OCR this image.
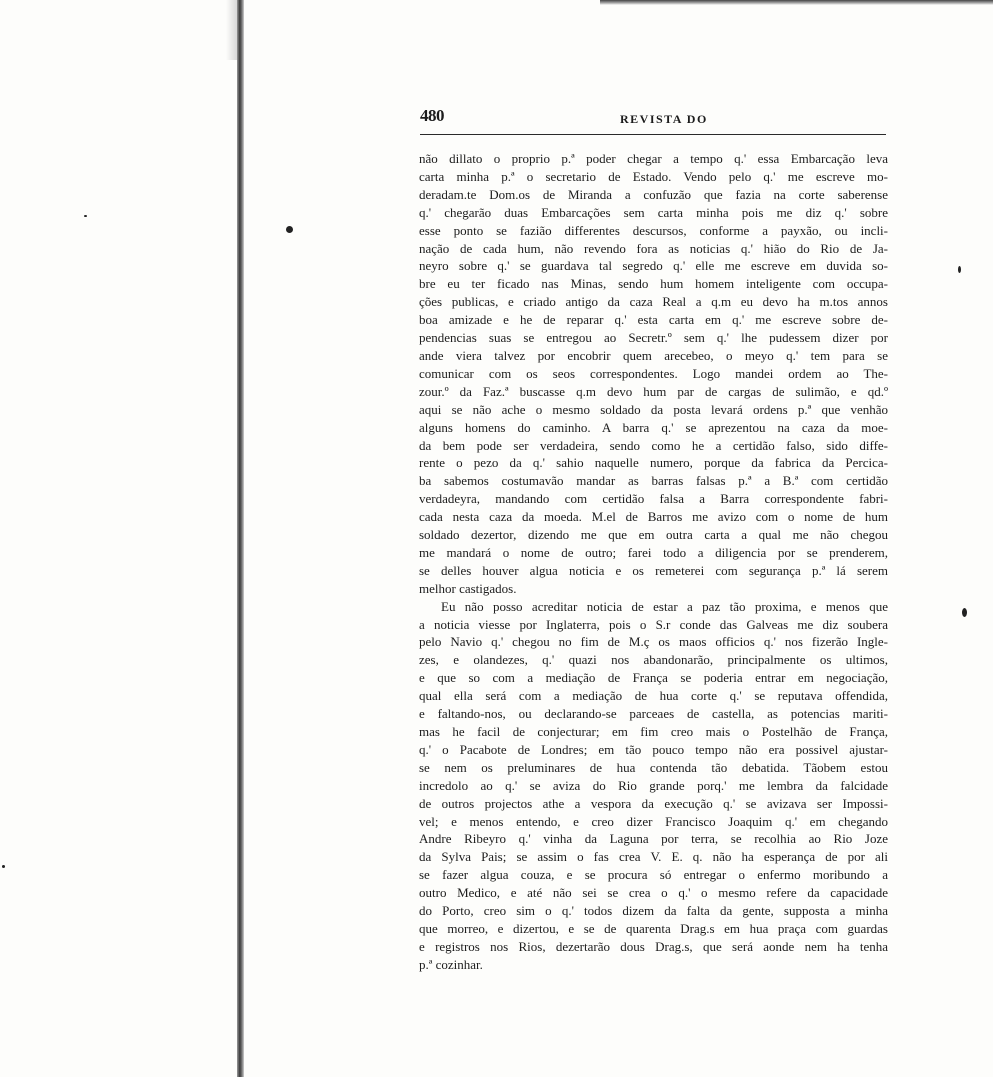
480	REVISTA DO
não dillato o proprio p.ª poder chegar a tempo q.' essa Embarcação leva
carta minha p.ª o secretario de Estado. Vendo pelo q.' me escreve mo-
deradam.te Dom.os de Miranda a confuzão que fazia na corte saberense
q.' chegarão duas Embarcações sem carta minha pois me diz q.' sobre
esse ponto se fazião differentes descursos, conforme a payxão, ou incli-
nação de cada hum, não revendo fora as noticias q.' hião do Rio de Ja-
neyro sobre q.' se guardava tal segredo q.' elle me escreve em duvida so-
bre eu ter ficado nas Minas, sendo hum homem inteligente com occupa-
ções publicas, e criado antigo da caza Real a q.m eu devo ha m.tos annos
boa amizade e he de reparar q.' esta carta em q.' me escreve sobre de-
pendencias suas se entregou ao Secretr.º sem q.' lhe pudessem dizer por
ande viera talvez por encobrir quem arecebeo, o meyo q.' tem para se
comunicar com os seos correspondentes. Logo mandei ordem ao The-
zour.º da Faz.ª buscasse q.m devo hum par de cargas de sulimão, e qd.º
aqui se não ache o mesmo soldado da posta levará ordens p.ª que venhão
alguns homens do caminho. A barra q.' se aprezentou na caza da moe-
da bem pode ser verdadeira, sendo como he a certidão falso, sido diffe-
rente o pezo da q.' sahio naquelle numero, porque da fabrica da Percica-
ba sabemos costumavão mandar as barras falsas p.ª a B.ª com certidão
verdadeyra, mandando com certidão falsa a Barra correspondente fabri-
cada nesta caza da moeda. M.el de Barros me avizo com o nome de hum
soldado dezertor, dizendo me que em outra carta a qual me não chegou
me mandará o nome de outro; farei todo a diligencia por se prenderem,
se delles houver algua noticia e os remeterei com segurança p.ª lá serem
melhor castigados.
Eu não posso acreditar noticia de estar a paz tão proxima, e menos que
a noticia viesse por Inglaterra, pois o S.r conde das Galveas me diz soubera
pelo Navio q.' chegou no fim de M.ç os maos officios q.' nos fizerão Ingle-
zes, e olandezes, q.' quazi nos abandonarão, principalmente os ultimos,
e que so com a mediação de França se poderia entrar em negociação,
qual ella será com a mediação de hua corte q.' se reputava offendida,
e faltando-nos, ou declarando-se parceaes de castella, as potencias mariti-
mas he facil de conjecturar; em fim creo mais o Postelhão de França,
q.' o Pacabote de Londres; em tão pouco tempo não era possivel ajustar-
se nem os preluminares de hua contenda tão debatida. Tãobem estou
incredolo ao q.' se aviza do Rio grande porq.' me lembra da falcidade
de outros projectos athe a vespora da execução q.' se avizava ser Impossi-
vel; e menos entendo, e creo dizer Francisco Joaquim q.' em chegando
Andre Ribeyro q.' vinha da Laguna por terra, se recolhia ao Rio Joze
da Sylva Pais; se assim o fas crea V. E. q. não ha esperança de por ali
se fazer algua couza, e se procura só entregar o enfermo moribundo a
outro Medico, e até não sei se crea o q.' o mesmo refere da capacidade
do Porto, creo sim o q.' todos dizem da falta da gente, supposta a minha
que morreo, e dizertou, e se de quarenta Drag.s em hua praça com guardas
e registros nos Rios, dezertarão dous Drag.s, que será aonde nem ha tenha
p.ª cozinhar.
